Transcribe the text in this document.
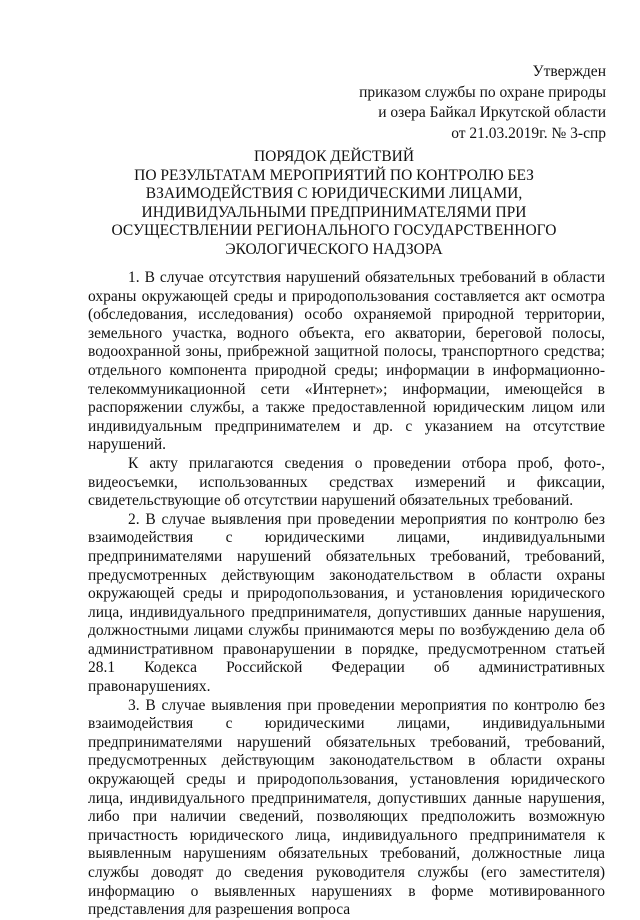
Утвержден
приказом службы по охране природы
и озера Байкал Иркутской области
от 21.03.2019г. № 3-спр
ПОРЯДОК ДЕЙСТВИЙ
ПО РЕЗУЛЬТАТАМ МЕРОПРИЯТИЙ ПО КОНТРОЛЮ БЕЗ
ВЗАИМОДЕЙСТВИЯ С ЮРИДИЧЕСКИМИ ЛИЦАМИ,
ИНДИВИДУАЛЬНЫМИ ПРЕДПРИНИМАТЕЛЯМИ ПРИ
ОСУЩЕСТВЛЕНИИ РЕГИОНАЛЬНОГО ГОСУДАРСТВЕННОГО
ЭКОЛОГИЧЕСКОГО НАДЗОРА

1. В случае отсутствия нарушений обязательных требований в области охраны окружающей среды и природопользования составляется акт осмотра (обследования, исследования) особо охраняемой природной территории, земельного участка, водного объекта, его акватории, береговой полосы, водоохранной зоны, прибрежной защитной полосы, транспортного средства; отдельного компонента природной среды; информации в информационно-телекоммуникационной сети «Интернет»; информации, имеющейся в распоряжении службы, а также предоставленной юридическим лицом или индивидуальным предпринимателем и др. с указанием на отсутствие нарушений.

К акту прилагаются сведения о проведении отбора проб, фото-, видеосъемки, использованных средствах измерений и фиксации, свидетельствующие об отсутствии нарушений обязательных требований.

2. В случае выявления при проведении мероприятия по контролю без взаимодействия с юридическими лицами, индивидуальными предпринимателями нарушений обязательных требований, требований, предусмотренных действующим законодательством в области охраны окружающей среды и природопользования, и установления юридического лица, индивидуального предпринимателя, допустивших данные нарушения, должностными лицами службы принимаются меры по возбуждению дела об административном правонарушении в порядке, предусмотренном статьей 28.1 Кодекса Российской Федерации об административных правонарушениях.

3. В случае выявления при проведении мероприятия по контролю без взаимодействия с юридическими лицами, индивидуальными предпринимателями нарушений обязательных требований, требований, предусмотренных действующим законодательством в области охраны окружающей среды и природопользования, установления юридического лица, индивидуального предпринимателя, допустивших данные нарушения, либо при наличии сведений, позволяющих предположить возможную причастность юридического лица, индивидуального предпринимателя к выявленным нарушениям обязательных требований, должностные лица службы доводят до сведения руководителя службы (его заместителя) информацию о выявленных нарушениях в форме мотивированного представления для разрешения вопроса
